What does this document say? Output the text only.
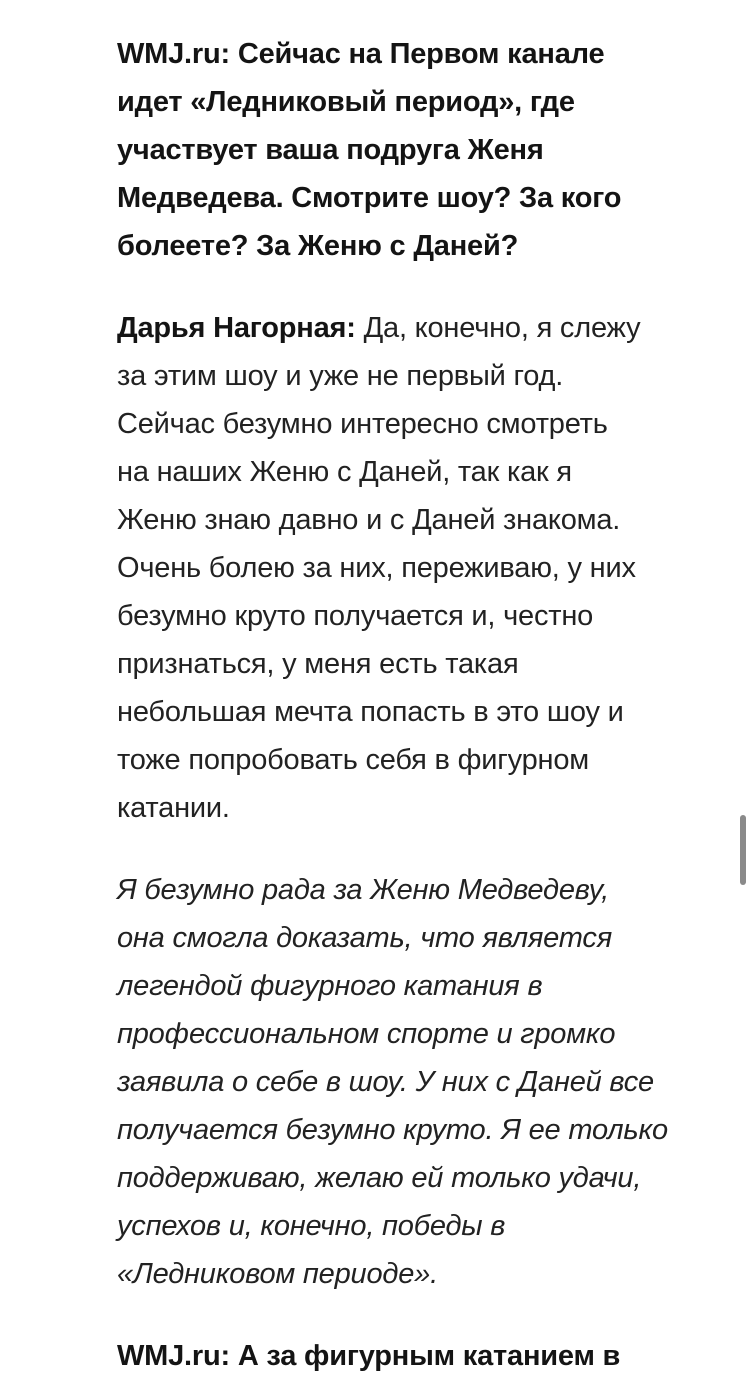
WMJ.ru: Сейчас на Первом канале
идет «Ледниковый период», где
участвует ваша подруга Женя
Медведева. Смотрите шоу? За кого
болеете? За Женю с Даней?

Дарья Нагорная: Да, конечно, я слежу
за этим шоу и уже не первый год.
Сейчас безумно интересно смотреть
на наших Женю с Даней, так как я
Женю знаю давно и с Даней знакома.
Очень болею за них, переживаю, у них
безумно круто получается и, честно
признаться, у меня есть такая
небольшая мечта попасть в это шоу и
тоже попробовать себя в фигурном
катании.

Я безумно рада за Женю Медведеву,
она смогла доказать, что является
легендой фигурного катания в
профессиональном спорте и громко
заявила о себе в шоу. У них с Даней все
получается безумно круто. Я ее только
поддерживаю, желаю ей только удачи,
успехов и, конечно, победы в
«Ледниковом периоде».

WMJ.ru: А за фигурным катанием в
